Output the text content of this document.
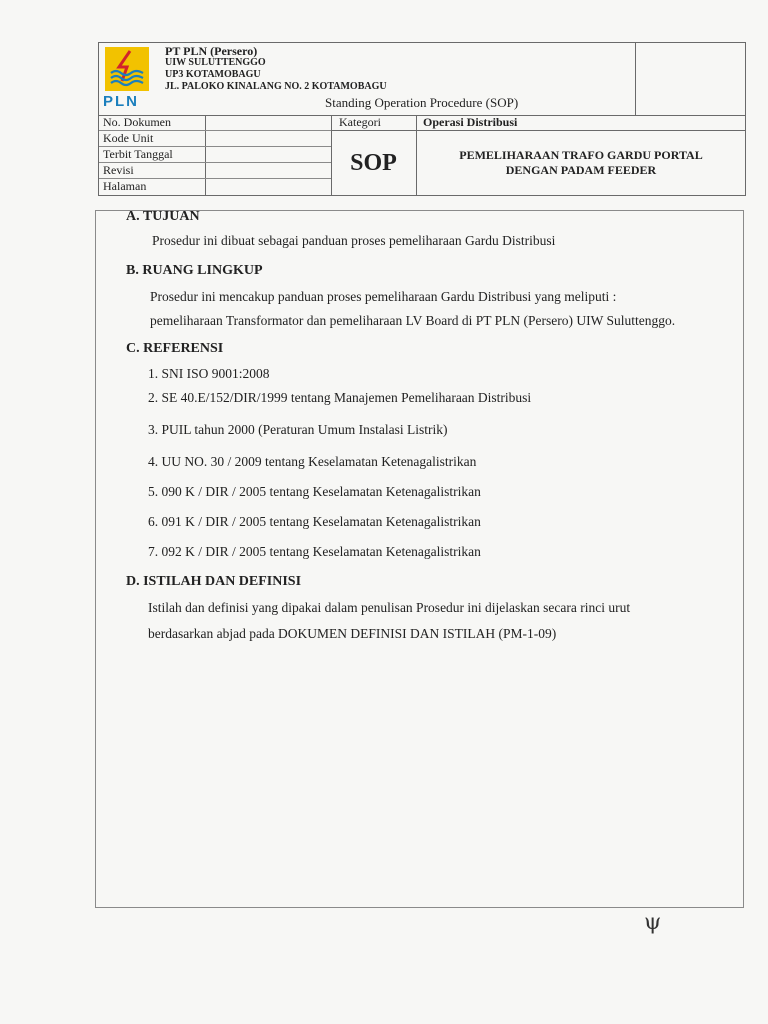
PLN
PT PLN (Persero)
UIW SULUTTENGGO
UP3 KOTAMOBAGU
JL. PALOKO KINALANG NO. 2 KOTAMOBAGU
Standing Operation Procedure (SOP)
No. Dokumen
Kode Unit
Terbit Tanggal
Revisi
Halaman
Kategori	Operasi Distribusi
SOP	PEMELIHARAAN TRAFO GARDU PORTAL
DENGAN PADAM FEEDER
A. TUJUAN
Prosedur ini dibuat sebagai panduan proses pemeliharaan Gardu Distribusi
B. RUANG LINGKUP
Prosedur ini mencakup panduan proses pemeliharaan Gardu Distribusi yang meliputi :
pemeliharaan Transformator dan pemeliharaan LV Board di PT PLN (Persero) UIW Suluttenggo.
C. REFERENSI
1. SNI ISO 9001:2008
2. SE 40.E/152/DIR/1999 tentang Manajemen Pemeliharaan Distribusi
3. PUIL tahun 2000 (Peraturan Umum Instalasi Listrik)
4. UU NO. 30 / 2009 tentang Keselamatan Ketenagalistrikan
5. 090 K / DIR / 2005 tentang Keselamatan Ketenagalistrikan
6. 091 K / DIR / 2005 tentang Keselamatan Ketenagalistrikan
7. 092 K / DIR / 2005 tentang Keselamatan Ketenagalistrikan
D. ISTILAH DAN DEFINISI
Istilah dan definisi yang dipakai dalam penulisan Prosedur ini dijelaskan secara rinci urut
berdasarkan abjad pada DOKUMEN DEFINISI DAN ISTILAH (PM-1-09)
ψ
